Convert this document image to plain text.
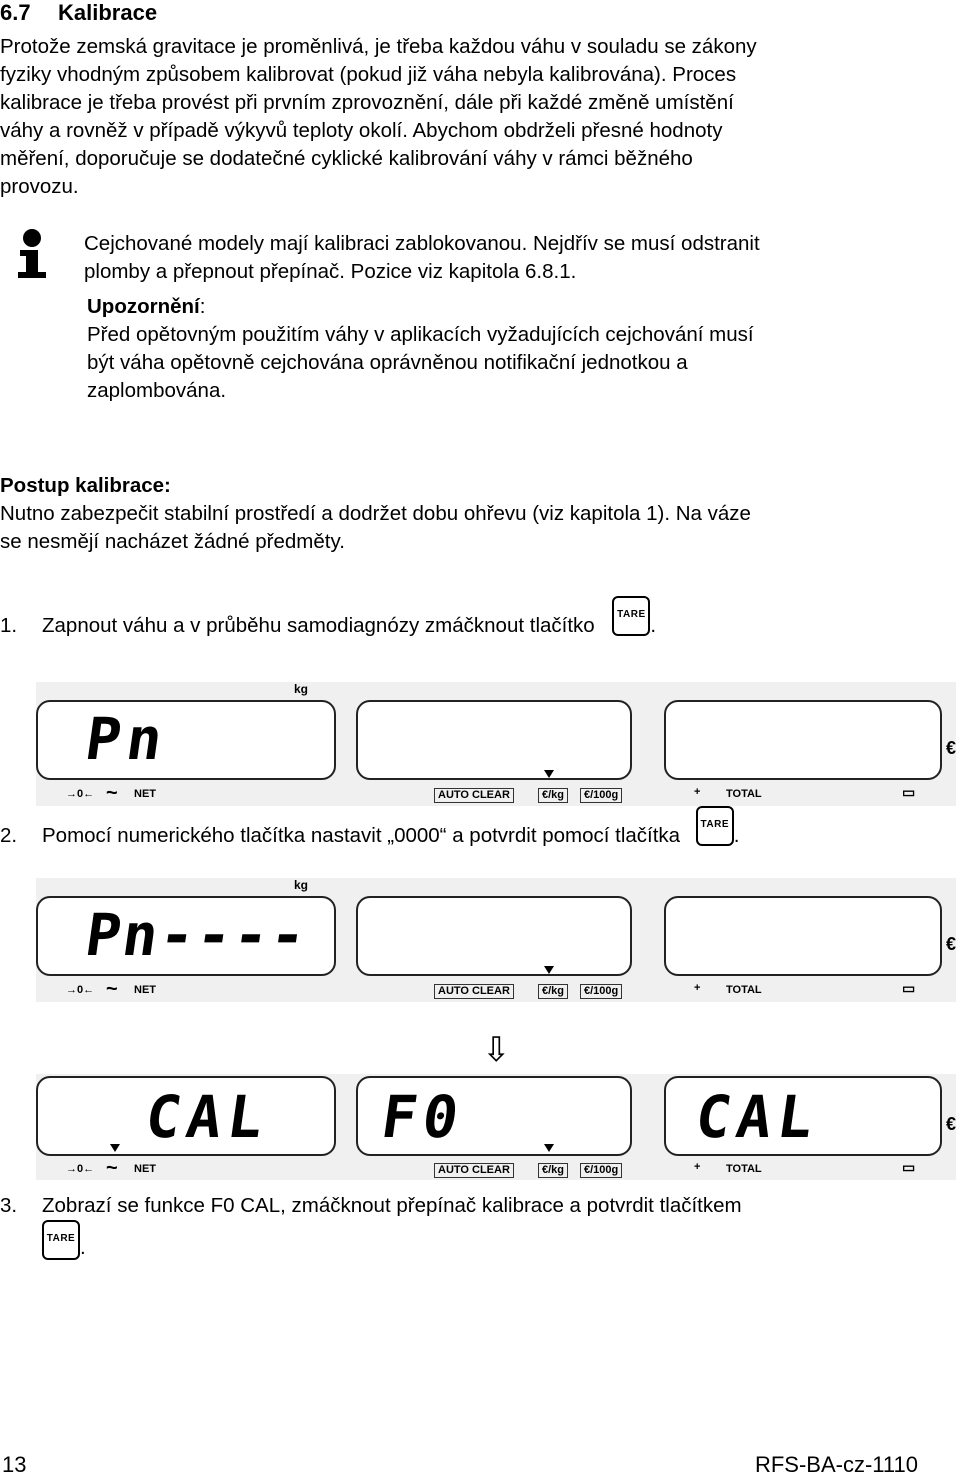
6.7 Kalibrace
Protože zemská gravitace je proměnlivá, je třeba každou váhu v souladu se zákony
fyziky vhodným způsobem kalibrovat (pokud již váha nebyla kalibrována). Proces
kalibrace je třeba provést při prvním zprovoznění, dále při každé změně umístění
váhy a rovněž v případě výkyvů teploty okolí. Abychom obdrželi přesné hodnoty
měření, doporučuje se dodatečné cyklické kalibrování váhy v rámci běžného
provozu.
Cejchované modely mají kalibraci zablokovanou. Nejdřív se musí odstranit
plomby a přepnout přepínač. Pozice viz kapitola 6.8.1.
Upozornění:
Před opětovným použitím váhy v aplikacích vyžadujících cejchování musí
být váha opětovně cejchována oprávněnou notifikační jednotkou a
zaplombována.
Postup kalibrace:
Nutno zabezpečit stabilní prostředí a dodržet dobu ohřevu (viz kapitola 1). Na váze
se nesmějí nacházet žádné předměty.
1. Zapnout váhu a v průběhu samodiagnózy zmáčknout tlačítko TARE .
kg
Pn	€
→0← ~ NET	AUTO CLEAR	€/kg	€/100g	+ TOTAL	▭
2. Pomocí numerického tlačítka nastavit „0000“ a potvrdit pomocí tlačítka TARE .
kg
Pn----	€
→0← ~ NET	AUTO CLEAR	€/kg	€/100g	+ TOTAL	▭
⇩
CAL F0	CAL	€
→0← ~ NET	AUTO CLEAR	€/kg	€/100g	+ TOTAL	▭
3. Zobrazí se funkce F0 CAL, zmáčknout přepínač kalibrace a potvrdit tlačítkem
TARE .
13	RFS-BA-cz-1110
